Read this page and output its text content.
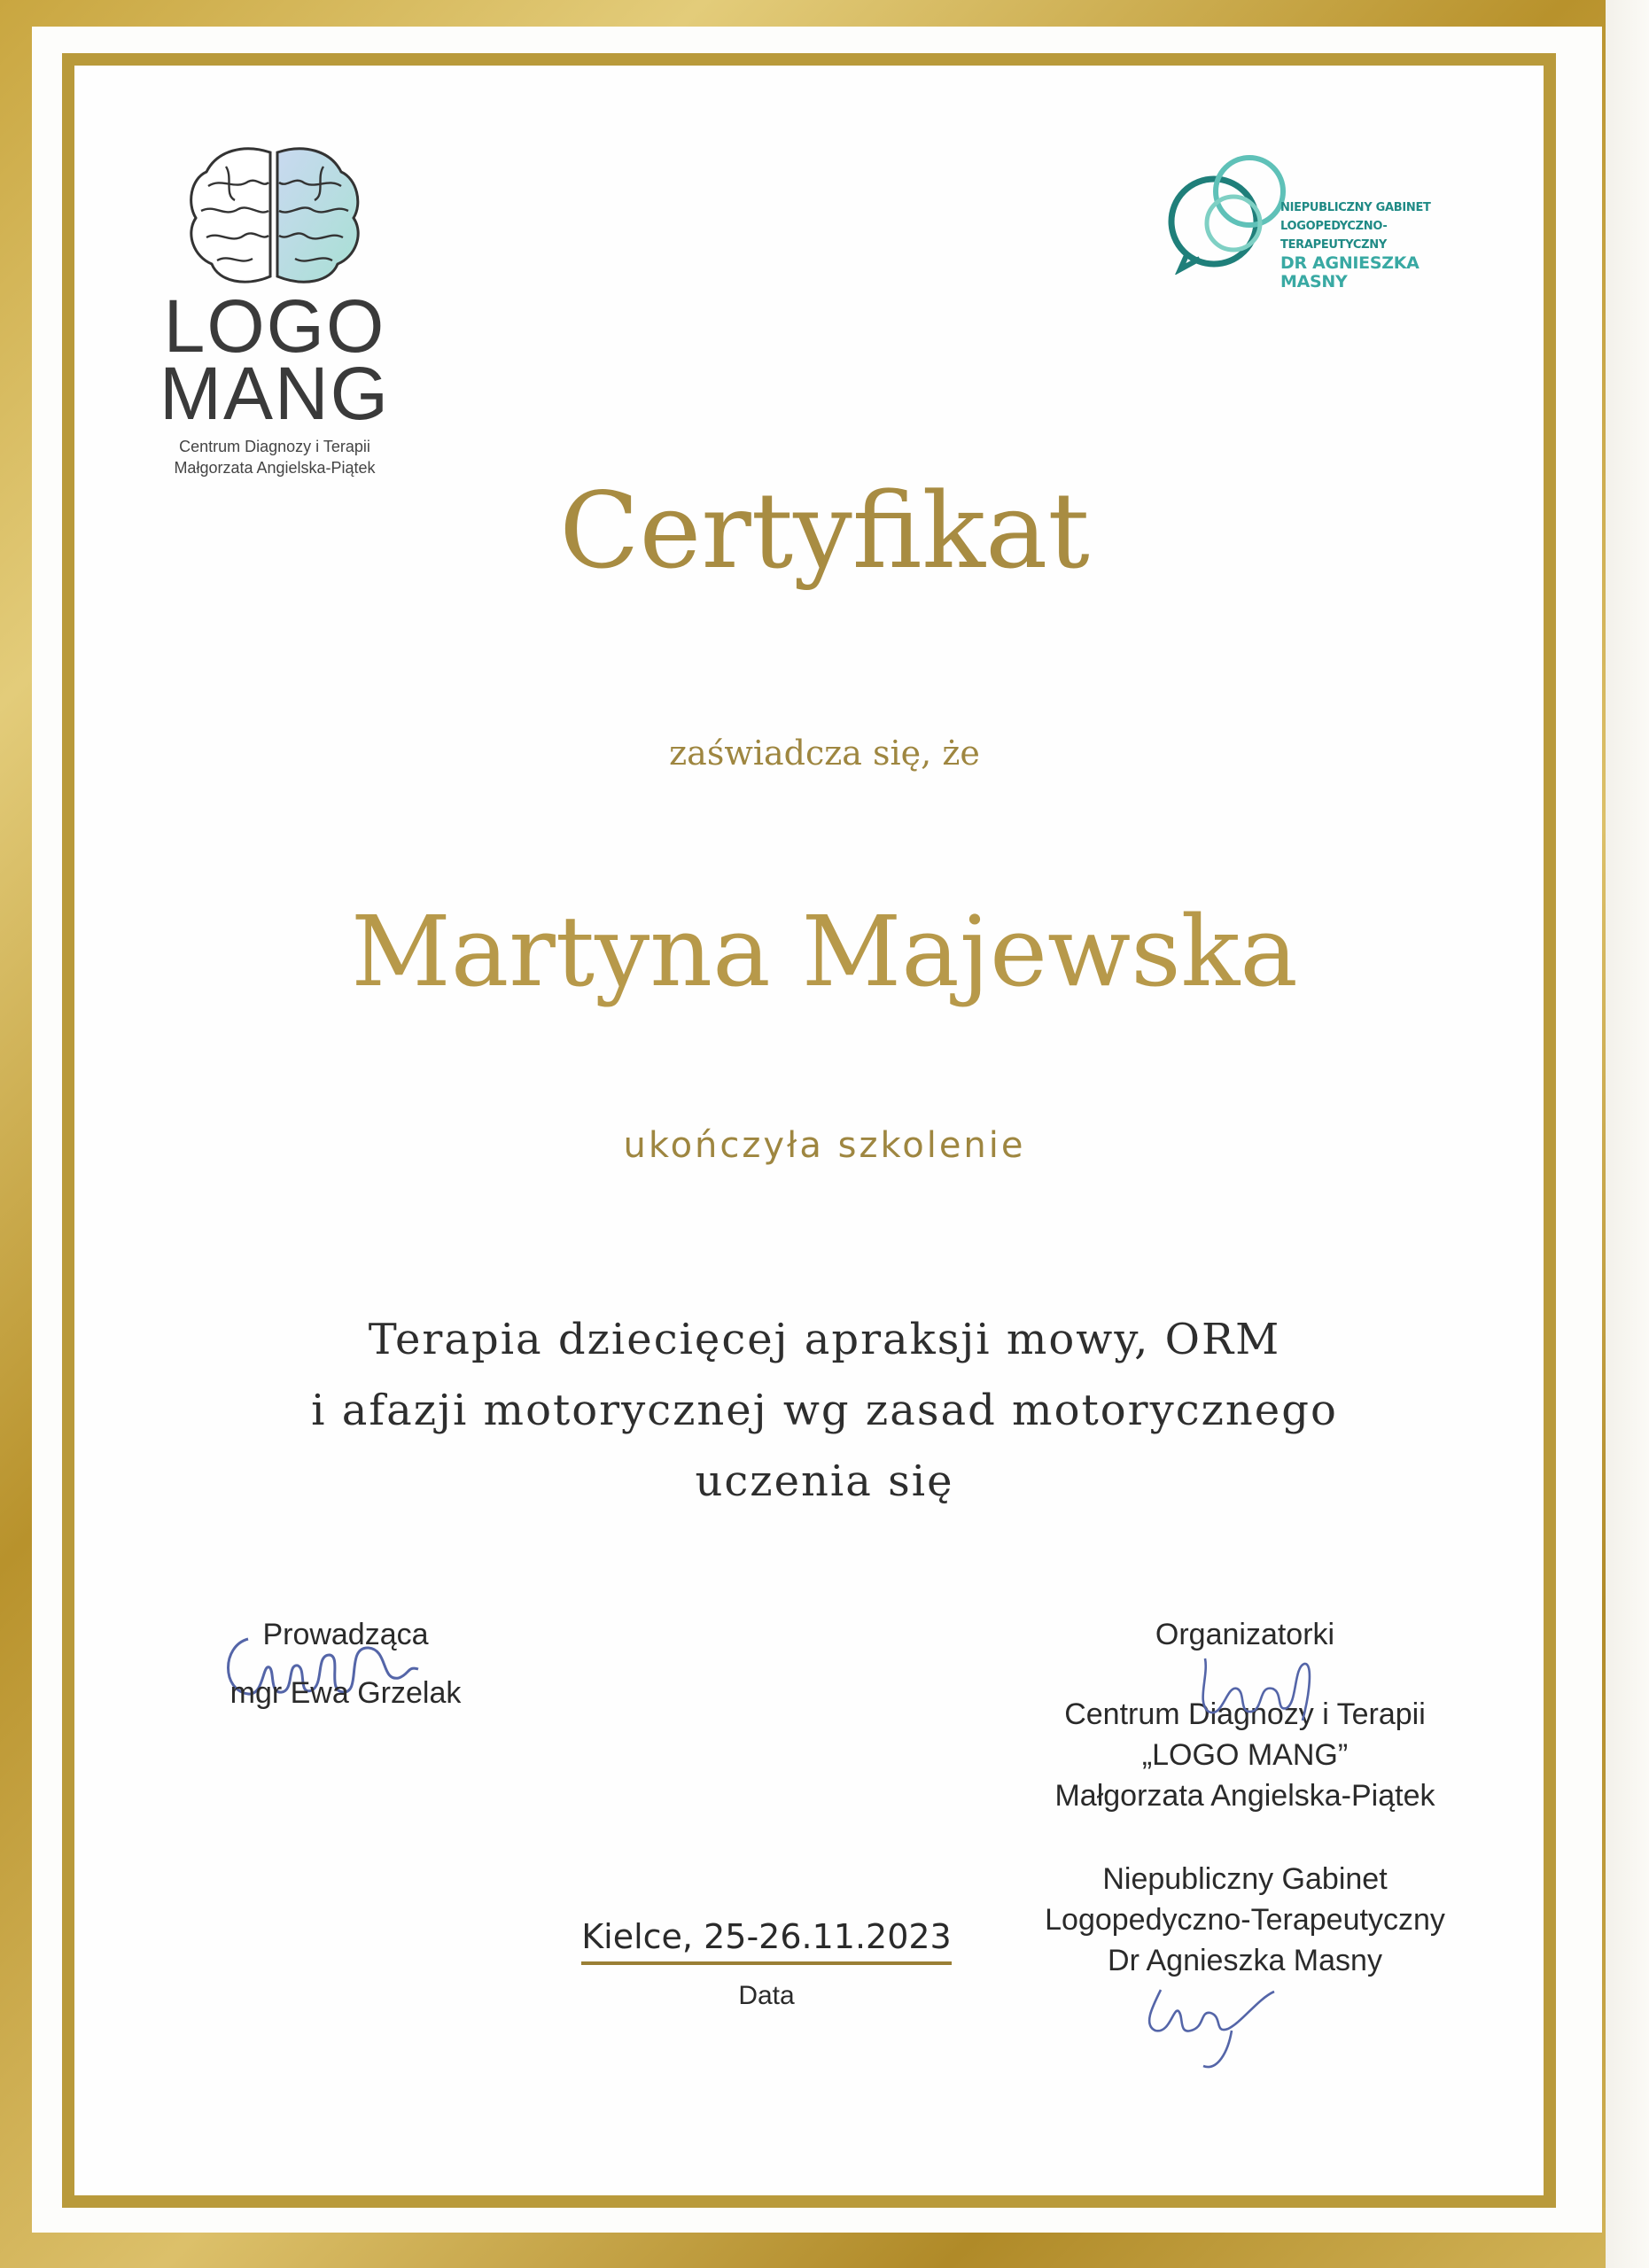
LOGO
MANG
Centrum Diagnozy i Terapii
Małgorzata Angielska-Piątek
NIEPUBLICZNY GABINET
LOGOPEDYCZNO-TERAPEUTYCZNY
DR AGNIESZKA MASNY
Certyfikat
zaświadcza się, że
Martyna Majewska
ukończyła szkolenie
Terapia dziecięcej apraksji mowy, ORM
i afazji motorycznej wg zasad motorycznego
uczenia się
Prowadząca
mgr Ewa Grzelak
Organizatorki
Centrum Diagnozy i Terapii
„LOGO MANG”
Małgorzata Angielska-Piątek
Niepubliczny Gabinet
Logopedyczno-Terapeutyczny
Dr Agnieszka Masny
Kielce, 25-26.11.2023
Data
